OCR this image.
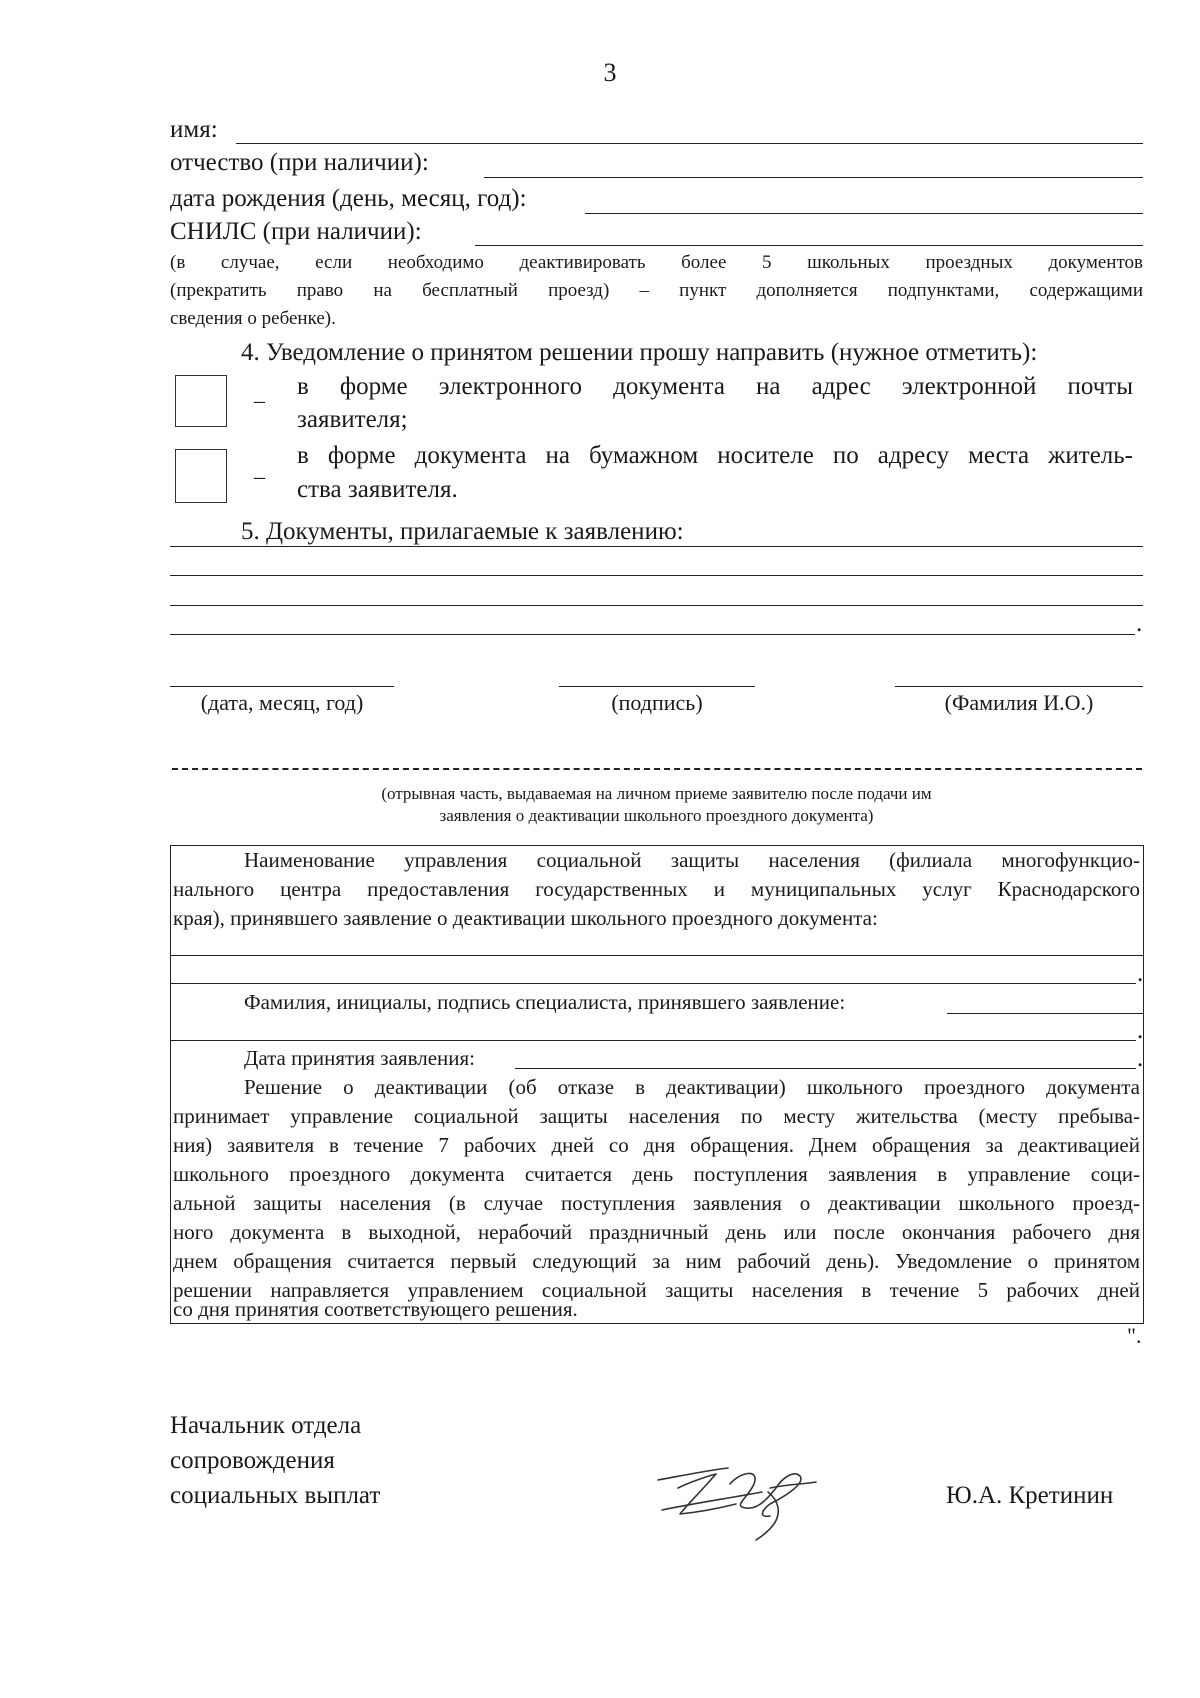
3
имя:
отчество (при наличии):
дата рождения (день, месяц, год):
СНИЛС (при наличии):
(в случае, если необходимо деактивировать более 5 школьных проездных документов
(прекратить право на бесплатный проезд) – пункт дополняется подпунктами, содержащими
сведения о ребенке).
4. Уведомление о принятом решении прошу направить (нужное отметить):
_ в форме электронного документа на адрес электронной почты
заявителя;
_ в форме документа на бумажном носителе по адресу места житель-
ства заявителя.
5. Документы, прилагаемые к заявлению:
.
(дата, месяц, год)	(подпись)	(Фамилия И.О.)
(отрывная часть, выдаваемая на личном приеме заявителю после подачи им
заявления о деактивации школьного проездного документа)
Наименование управления социальной защиты населения (филиала многофункцио-
нального центра предоставления государственных и муниципальных услуг Краснодарского
края), принявшего заявление о деактивации школьного проездного документа:
.
Фамилия, инициалы, подпись специалиста, принявшего заявление:
.
Дата принятия заявления:	.
Решение о деактивации (об отказе в деактивации) школьного проездного документа
принимает управление социальной защиты населения по месту жительства (месту пребыва-
ния) заявителя в течение 7 рабочих дней со дня обращения. Днем обращения за деактивацией
школьного проездного документа считается день поступления заявления в управление соци-
альной защиты населения (в случае поступления заявления о деактивации школьного проезд-
ного документа в выходной, нерабочий праздничный день или после окончания рабочего дня
днем обращения считается первый следующий за ним рабочий день). Уведомление о принятом
решении направляется управлением социальной защиты населения в течение 5 рабочих дней
со дня принятия соответствующего решения.
".
Начальник отдела
сопровождения
социальных выплат	Ю.А. Кретинин
